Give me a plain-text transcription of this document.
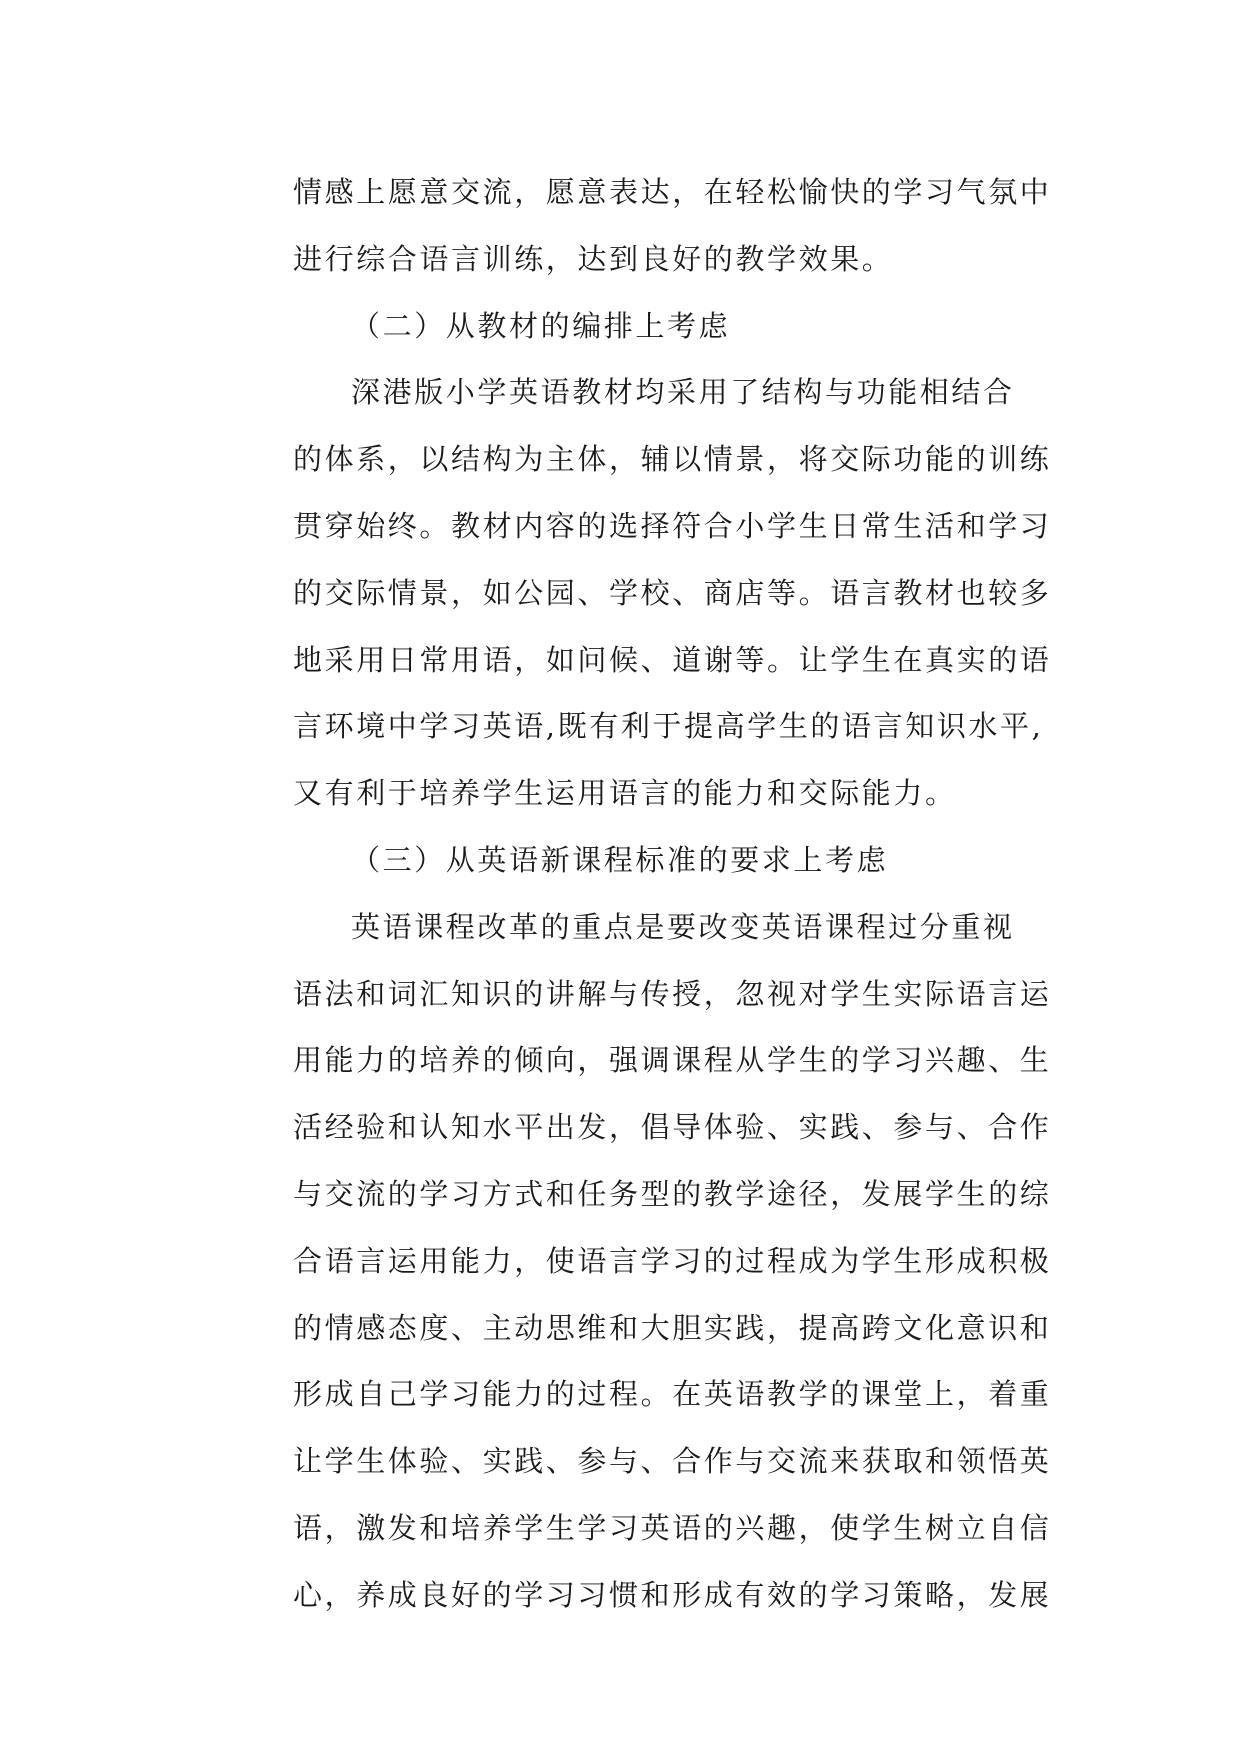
情感上愿意交流，愿意表达，在轻松愉快的学习气氛中
进行综合语言训练，达到良好的教学效果。
（二）从教材的编排上考虑
深港版小学英语教材均采用了结构与功能相结合
的体系，以结构为主体，辅以情景，将交际功能的训练
贯穿始终。教材内容的选择符合小学生日常生活和学习
的交际情景，如公园、学校、商店等。语言教材也较多
地采用日常用语，如问候、道谢等。让学生在真实的语
言环境中学习英语,既有利于提高学生的语言知识水平,
又有利于培养学生运用语言的能力和交际能力。
（三）从英语新课程标准的要求上考虑
英语课程改革的重点是要改变英语课程过分重视
语法和词汇知识的讲解与传授，忽视对学生实际语言运
用能力的培养的倾向，强调课程从学生的学习兴趣、生
活经验和认知水平出发，倡导体验、实践、参与、合作
与交流的学习方式和任务型的教学途径，发展学生的综
合语言运用能力，使语言学习的过程成为学生形成积极
的情感态度、主动思维和大胆实践，提高跨文化意识和
形成自己学习能力的过程。在英语教学的课堂上，着重
让学生体验、实践、参与、合作与交流来获取和领悟英
语，激发和培养学生学习英语的兴趣，使学生树立自信
心，养成良好的学习习惯和形成有效的学习策略，发展
